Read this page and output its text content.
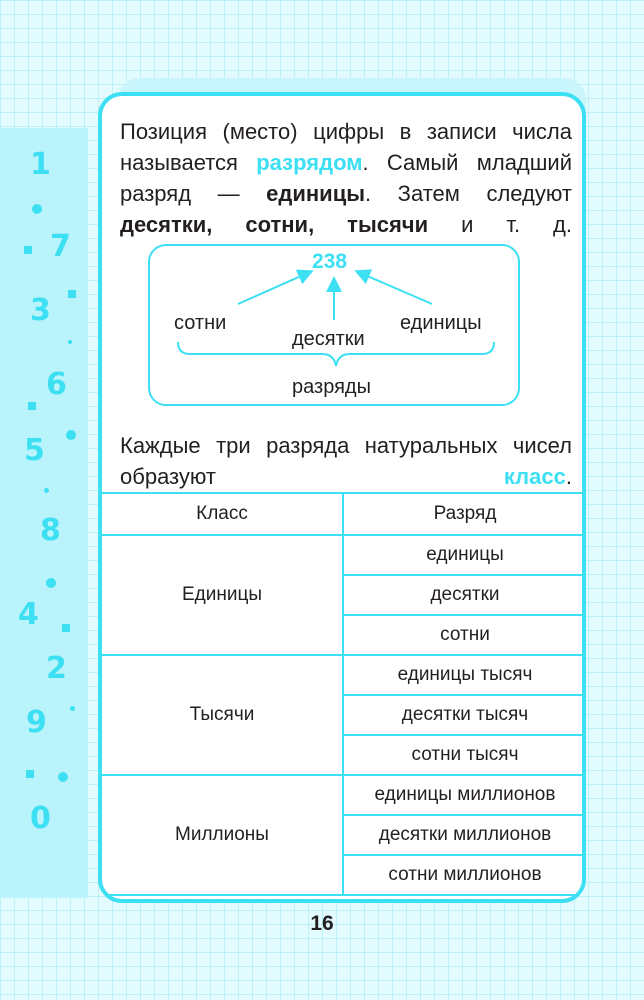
1
7
3
6
5
8
4
2
9
0

Позиция (место) цифры в записи числа называется разрядом. Самый младший разряд — единицы. Затем следуют десятки, сотни, тысячи и т. д.

238
сотни
десятки
единицы
разряды

Каждые три разряда натуральных чисел образуют класс.

Класс	Разряд
Единицы	единицы
	десятки
	сотни
Тысячи	единицы тысяч
	десятки тысяч
	сотни тысяч
Миллионы	единицы миллионов
	десятки миллионов
	сотни миллионов
16
